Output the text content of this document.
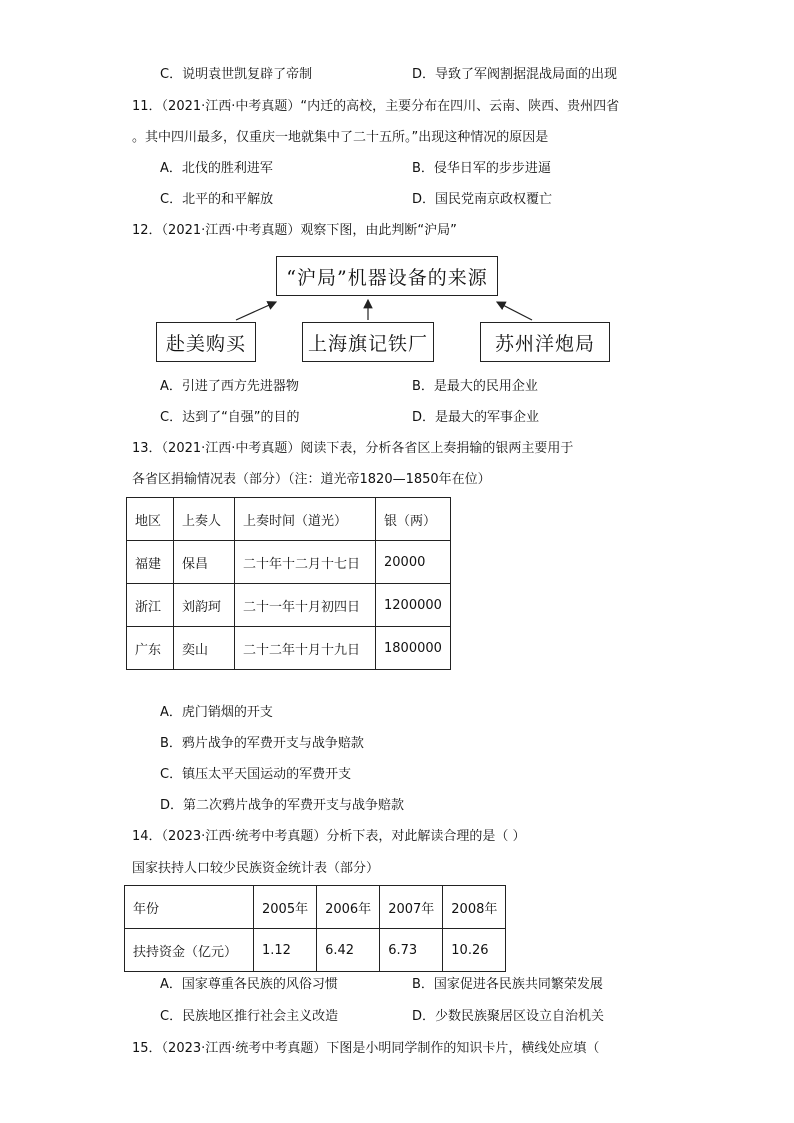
C．说明袁世凯复辟了帝制	D．导致了军阀割据混战局面的出现
11．（2021·江西·中考真题）“内迁的高校，主要分布在四川、云南、陕西、贵州四省
。其中四川最多，仅重庆一地就集中了二十五所。”出现这种情况的原因是
A．北伐的胜利进军	B．侵华日军的步步进逼
C．北平的和平解放	D．国民党南京政权覆亡
12．（2021·江西·中考真题）观察下图，由此判断“沪局”
“沪局”机器设备的来源
赴美购买	上海旗记铁厂	苏州洋炮局
A．引进了西方先进器物	B．是最大的民用企业
C．达到了“自强”的目的	D．是最大的军事企业
13．（2021·江西·中考真题）阅读下表，分析各省区上奏捐输的银两主要用于
各省区捐输情况表（部分）（注：道光帝1820—1850年在位）
地区	上奏人	上奏时间（道光）	银（两）
福建	保昌	二十年十二月十七日	20000
浙江	刘韵珂	二十一年十月初四日	1200000
广东	奕山	二十二年十月十九日	1800000
A．虎门销烟的开支
B．鸦片战争的军费开支与战争赔款
C．镇压太平天国运动的军费开支
D．第二次鸦片战争的军费开支与战争赔款
14．（2023·江西·统考中考真题）分析下表，对此解读合理的是（ ）
国家扶持人口较少民族资金统计表（部分）
年份	2005年	2006年	2007年	2008年
扶持资金（亿元）	1.12	6.42	6.73	10.26
A．国家尊重各民族的风俗习惯	B．国家促进各民族共同繁荣发展
C．民族地区推行社会主义改造	D．少数民族聚居区设立自治机关
15．（2023·江西·统考中考真题）下图是小明同学制作的知识卡片，横线处应填（
